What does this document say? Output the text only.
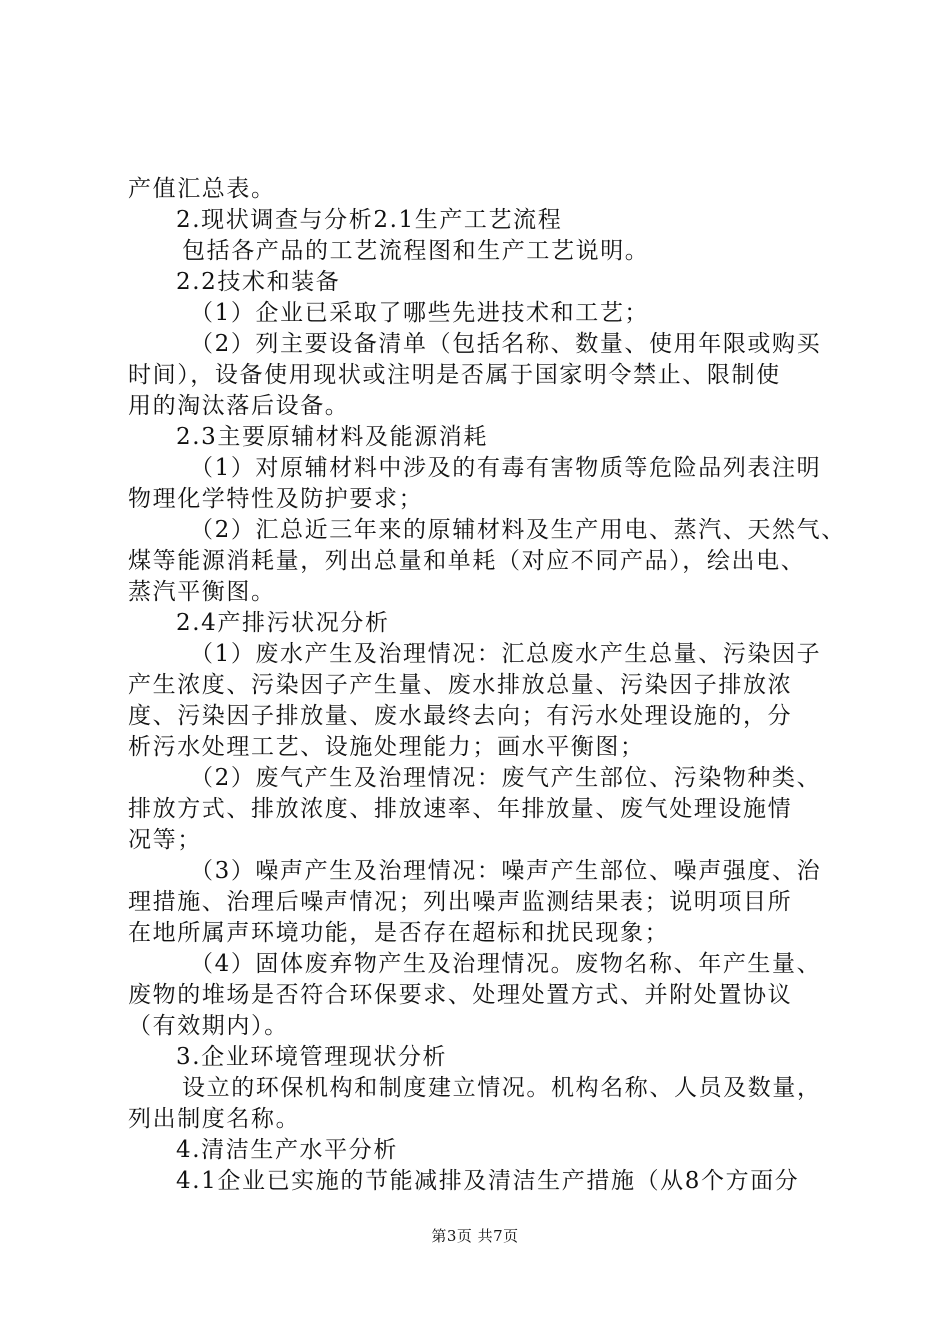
产值汇总表。
2.现状调查与分析2.1生产工艺流程
包括各产品的工艺流程图和生产工艺说明。
2.2技术和装备
（1）企业已采取了哪些先进技术和工艺；
（2）列主要设备清单（包括名称、数量、使用年限或购买
时间），设备使用现状或注明是否属于国家明令禁止、限制使
用的淘汰落后设备。
2.3主要原辅材料及能源消耗
（1）对原辅材料中涉及的有毒有害物质等危险品列表注明
物理化学特性及防护要求；
（2）汇总近三年来的原辅材料及生产用电、蒸汽、天然气、
煤等能源消耗量，列出总量和单耗（对应不同产品），绘出电、
蒸汽平衡图。
2.4产排污状况分析
（1）废水产生及治理情况：汇总废水产生总量、污染因子
产生浓度、污染因子产生量、废水排放总量、污染因子排放浓
度、污染因子排放量、废水最终去向；有污水处理设施的，分
析污水处理工艺、设施处理能力；画水平衡图；
（2）废气产生及治理情况：废气产生部位、污染物种类、
排放方式、排放浓度、排放速率、年排放量、废气处理设施情
况等；
（3）噪声产生及治理情况：噪声产生部位、噪声强度、治
理措施、治理后噪声情况；列出噪声监测结果表；说明项目所
在地所属声环境功能，是否存在超标和扰民现象；
（4）固体废弃物产生及治理情况。废物名称、年产生量、
废物的堆场是否符合环保要求、处理处置方式、并附处置协议
（有效期内）。
3.企业环境管理现状分析
设立的环保机构和制度建立情况。机构名称、人员及数量，
列出制度名称。
4.清洁生产水平分析
4.1企业已实施的节能减排及清洁生产措施（从8个方面分
第3页 共7页
